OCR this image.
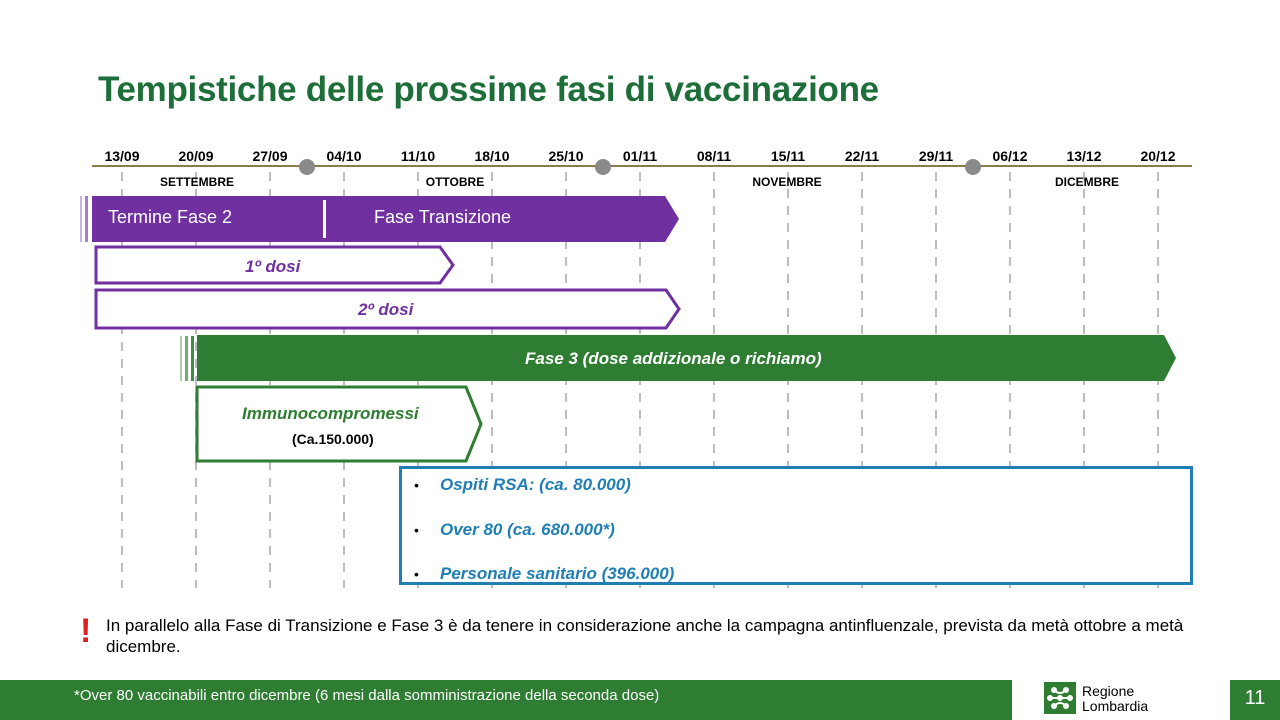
Tempistiche delle prossime fasi di vaccinazione
13/09	20/09	27/09	04/10	11/10	18/10	25/10	01/11	08/11	15/11	22/11	29/11	06/12	13/12	20/12
SETTEMBRE	OTTOBRE	NOVEMBRE	DICEMBRE
Termine Fase 2	Fase Transizione
1º dosi
2º dosi
Fase 3 (dose addizionale o richiamo)
Immunocompromessi
(Ca.150.000)
• Ospiti RSA: (ca. 80.000)
• Over 80 (ca. 680.000*)
• Personale sanitario (396.000)
! In parallelo alla Fase di Transizione e Fase 3 è da tenere in considerazione anche la campagna antinfluenzale, prevista da metà ottobre a metà dicembre.

*Over 80 vaccinabili entro dicembre (6 mesi dalla somministrazione della seconda dose)	Regione
Lombardia	11
